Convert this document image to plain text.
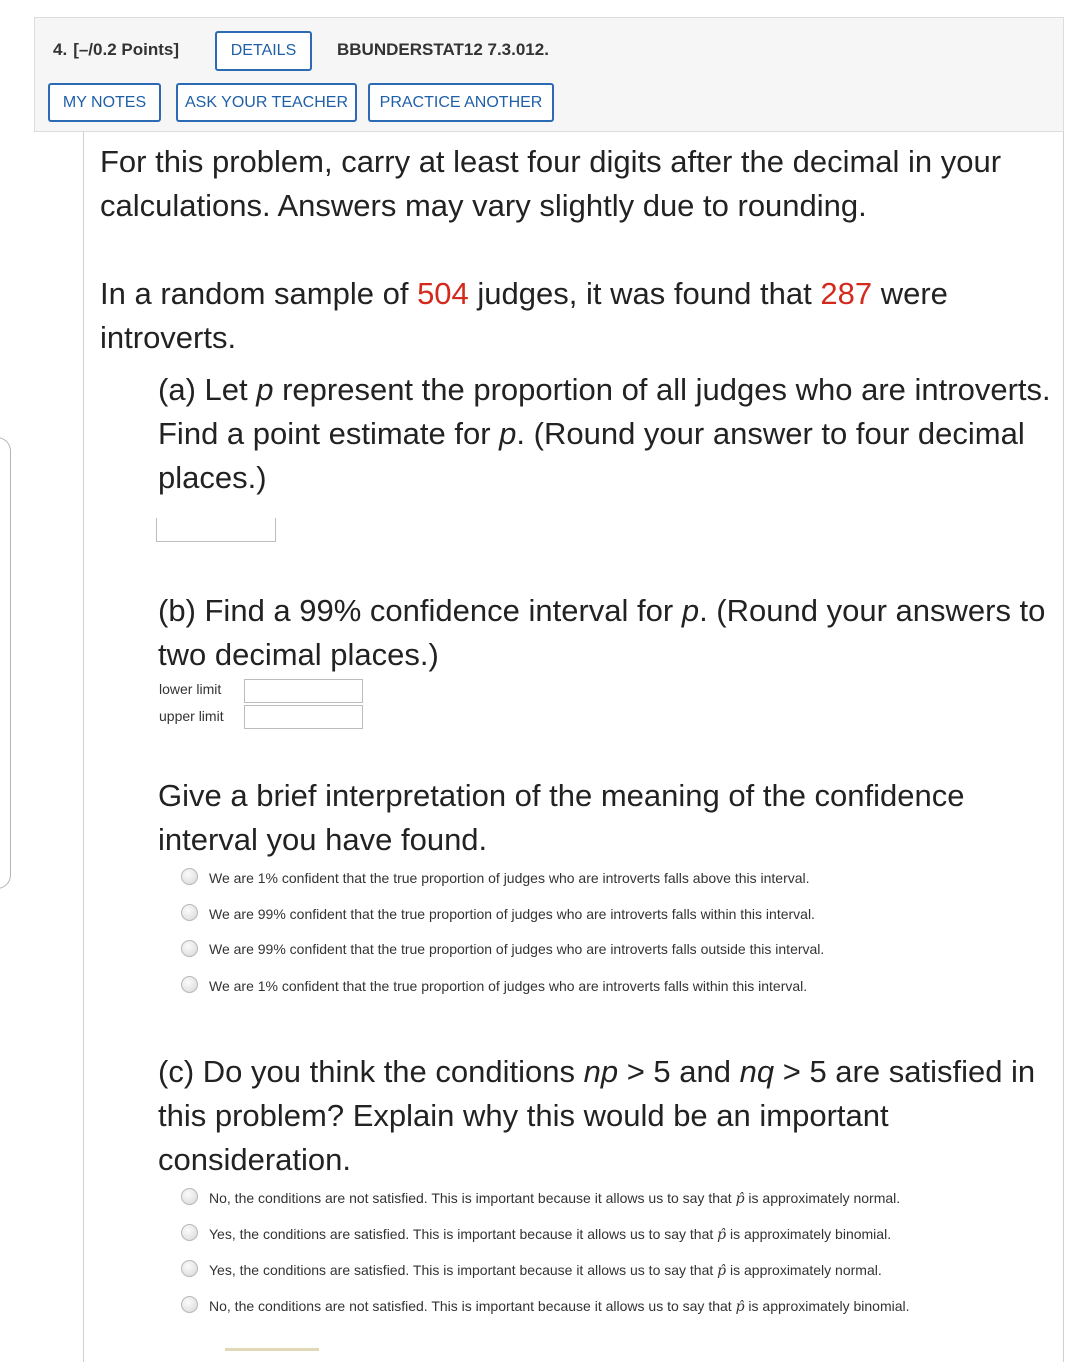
4. [–/0.2 Points]	DETAILS	BBUNDERSTAT12 7.3.012.
MY NOTES	ASK YOUR TEACHER	PRACTICE ANOTHER
For this problem, carry at least four digits after the decimal in your calculations. Answers may vary slightly due to rounding.
In a random sample of 504 judges, it was found that 287 were introverts.
(a) Let p represent the proportion of all judges who are introverts. Find a point estimate for p. (Round your answer to four decimal places.)
(b) Find a 99% confidence interval for p. (Round your answers to two decimal places.)
lower limit
upper limit
Give a brief interpretation of the meaning of the confidence interval you have found.
We are 1% confident that the true proportion of judges who are introverts falls above this interval.
We are 99% confident that the true proportion of judges who are introverts falls within this interval.
We are 99% confident that the true proportion of judges who are introverts falls outside this interval.
We are 1% confident that the true proportion of judges who are introverts falls within this interval.
(c) Do you think the conditions np > 5 and nq > 5 are satisfied in this problem? Explain why this would be an important consideration.
No, the conditions are not satisfied. This is important because it allows us to say that p̂ is approximately normal.
Yes, the conditions are satisfied. This is important because it allows us to say that p̂ is approximately binomial.
Yes, the conditions are satisfied. This is important because it allows us to say that p̂ is approximately normal.
No, the conditions are not satisfied. This is important because it allows us to say that p̂ is approximately binomial.
